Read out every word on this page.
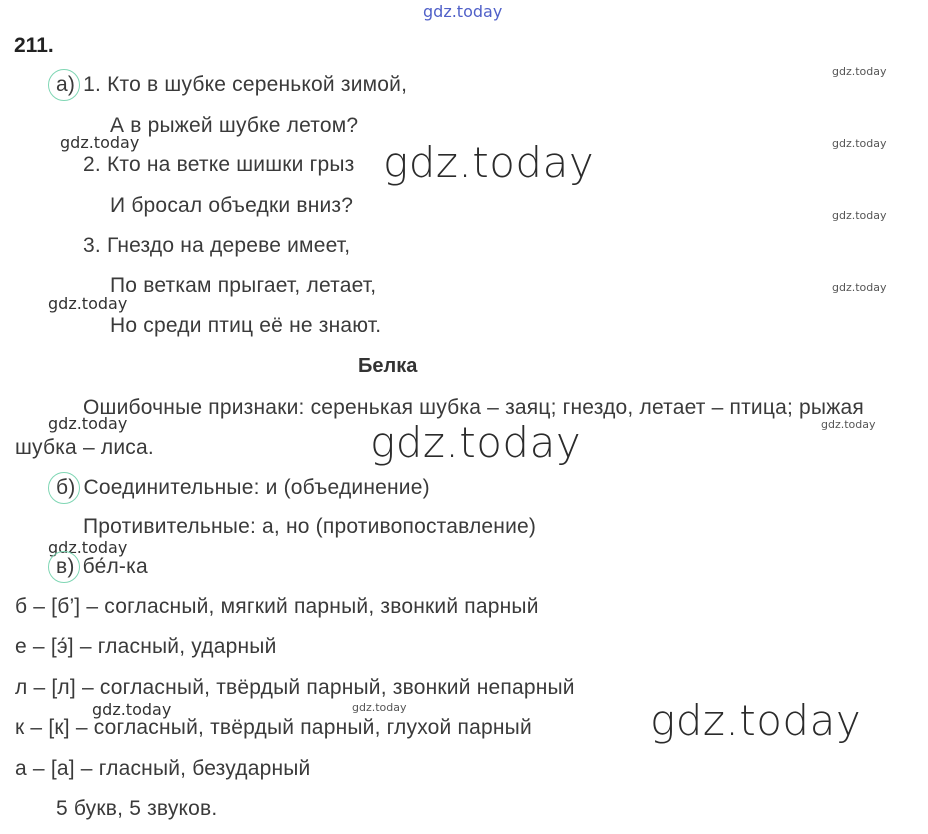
gdz.today
gdz.today
gdz.today
gdz.today
gdz.today
gdz.today
gdz.today
gdz.today
gdz.today
gdz.today
gdz.today
gdz.today
gdz.today
gdz.today
gdz.today
211.
а) 1. Кто в шубке серенькой зимой,
А в рыжей шубке летом?
2. Кто на ветке шишки грыз
И бросал объедки вниз?
3. Гнездо на дереве имеет,
По веткам прыгает, летает,
Но среди птиц её не знают.
Белка
Ошибочные признаки: серенькая шубка – заяц; гнездо, летает – птица; рыжая
шубка – лиса.
б) Соединительные: и (объединение)
Противительные: а, но (противопоставление)
в) бе́л-ка
б – [б’] – согласный, мягкий парный, звонкий парный
е – [э́] – гласный, ударный
л – [л] – согласный, твёрдый парный, звонкий непарный
к – [к] – согласный, твёрдый парный, глухой парный
а – [а] – гласный, безударный
5 букв, 5 звуков.
